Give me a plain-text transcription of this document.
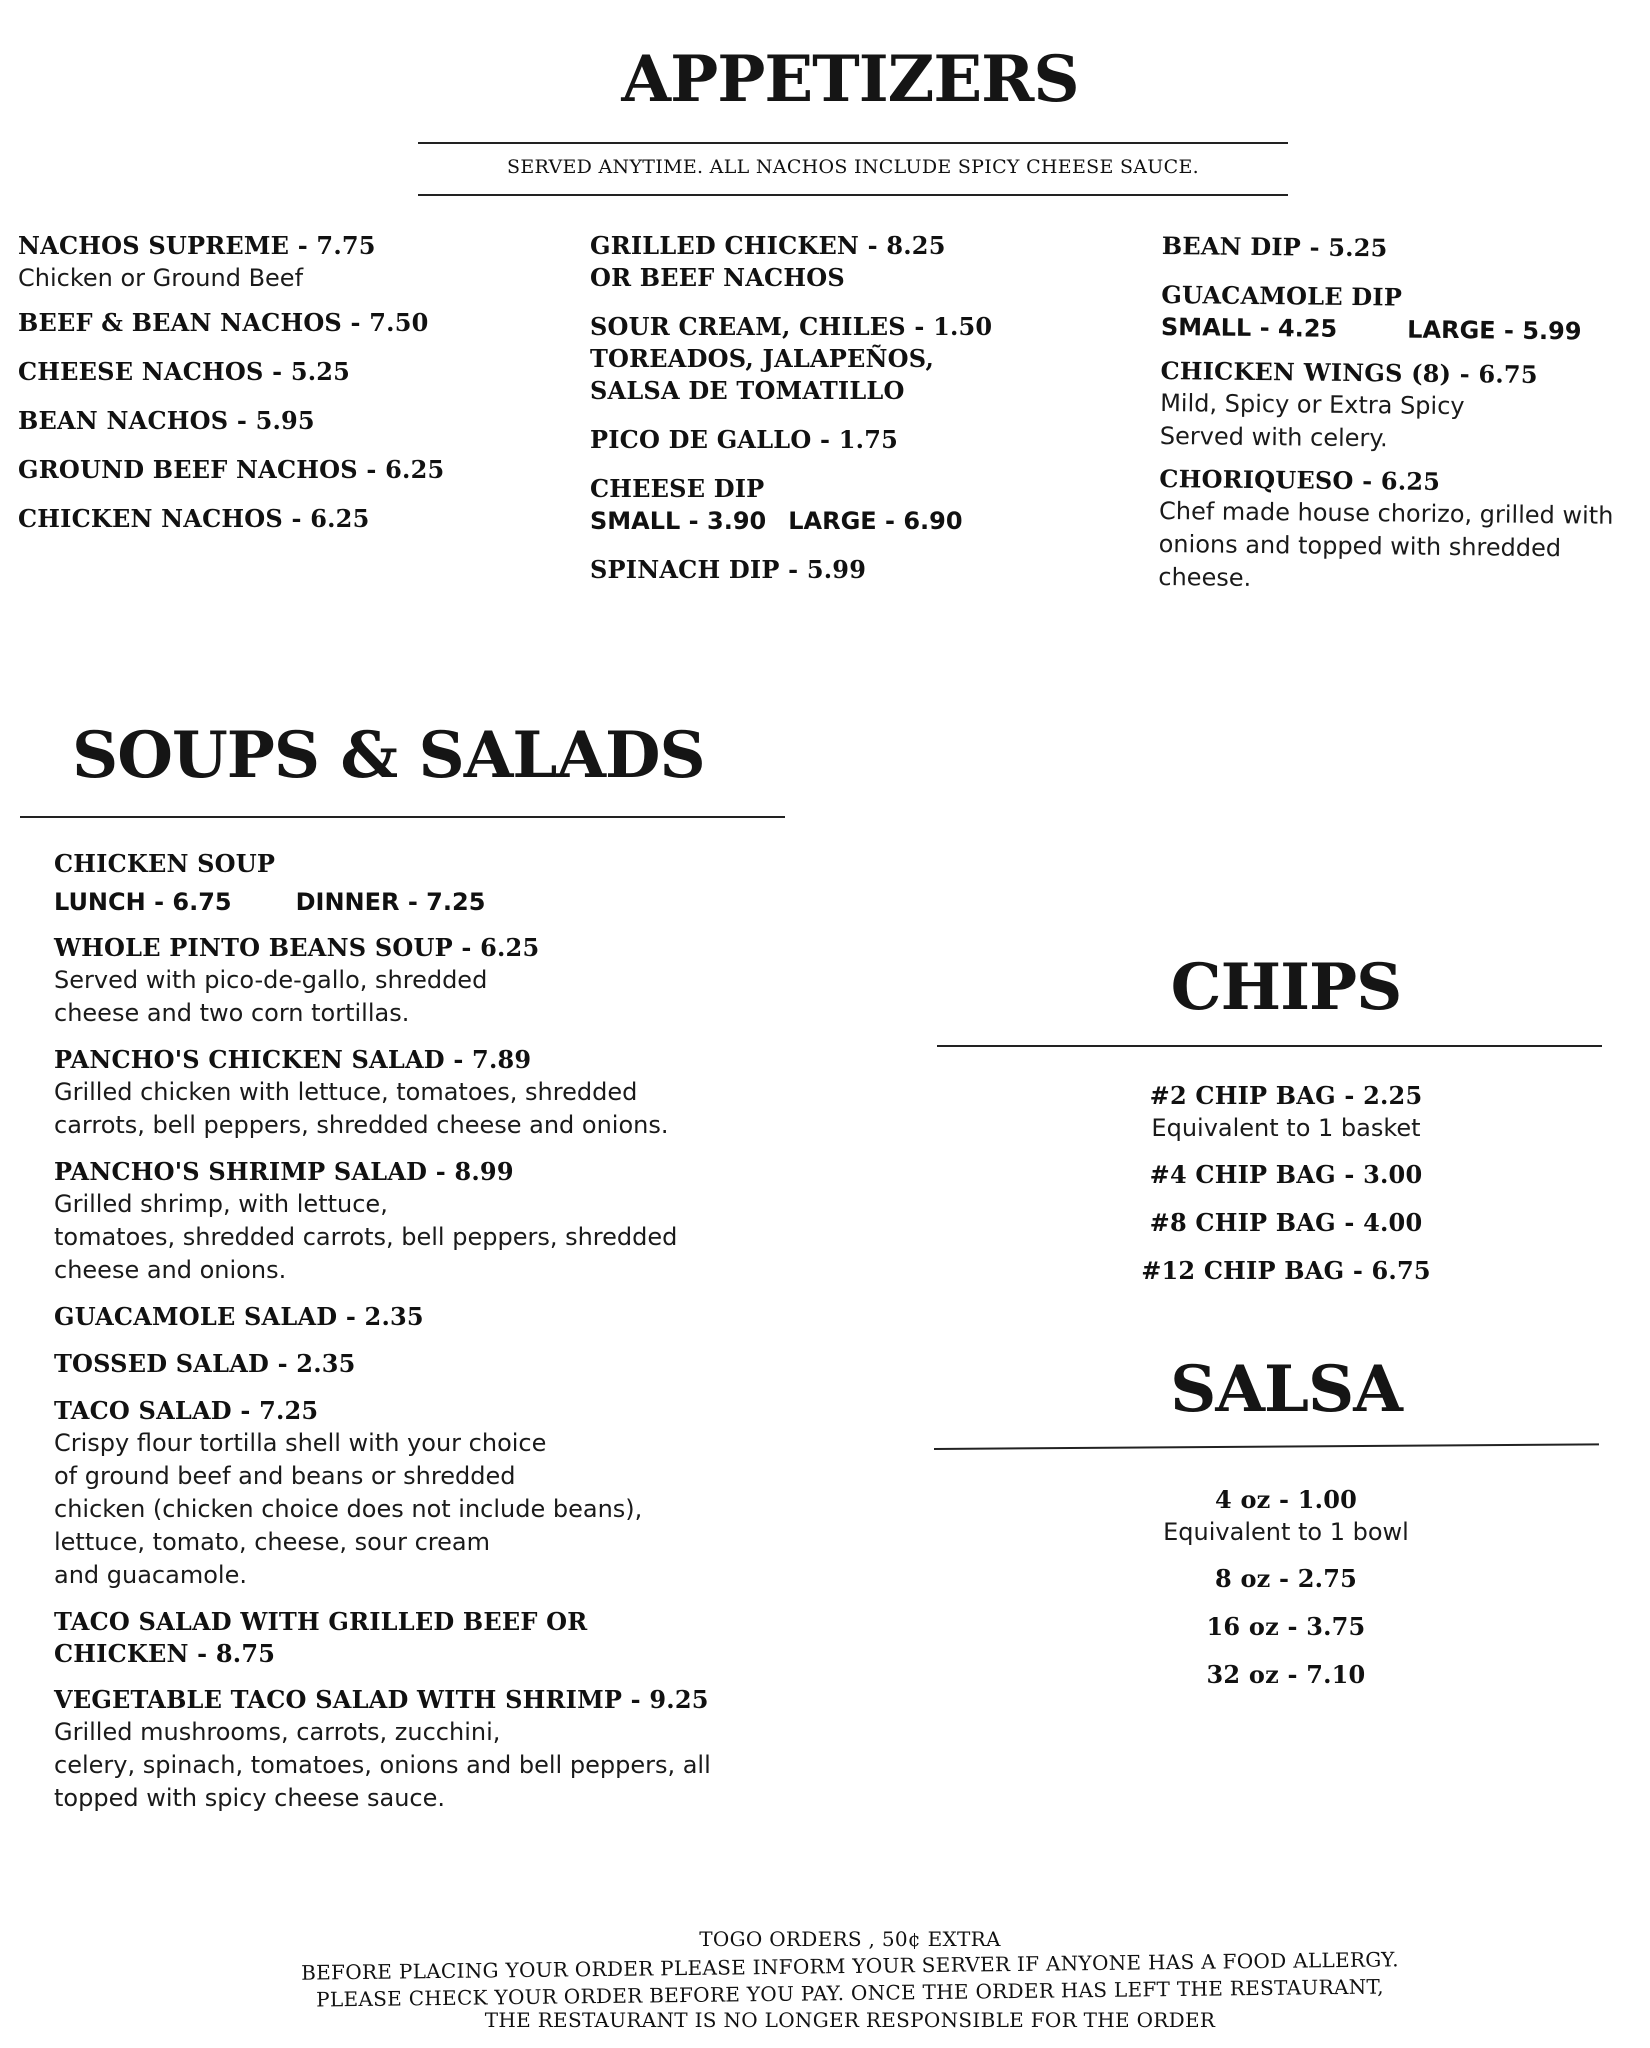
APPETIZERS
SERVED ANYTIME. ALL NACHOS INCLUDE SPICY CHEESE SAUCE.
NACHOS SUPREME - 7.75
Chicken or Ground Beef
BEEF & BEAN NACHOS - 7.50
CHEESE NACHOS - 5.25
BEAN NACHOS - 5.95
GROUND BEEF NACHOS - 6.25
CHICKEN NACHOS - 6.25
GRILLED CHICKEN - 8.25
OR BEEF NACHOS
SOUR CREAM, CHILES - 1.50
TOREADOS, JALAPEÑOS,
SALSA DE TOMATILLO
PICO DE GALLO - 1.75
CHEESE DIP
SMALL - 3.90 LARGE - 6.90
SPINACH DIP - 5.99
BEAN DIP - 5.25
GUACAMOLE DIP
SMALL - 4.25	LARGE - 5.99
CHICKEN WINGS (8) - 6.75
Mild, Spicy or Extra Spicy
Served with celery.
CHORIQUESO - 6.25
Chef made house chorizo, grilled with
onions and topped with shredded
cheese.
SOUPS & SALADS
CHICKEN SOUP
LUNCH - 6.75	DINNER - 7.25
WHOLE PINTO BEANS SOUP - 6.25
Served with pico-de-gallo, shredded
cheese and two corn tortillas.
PANCHO'S CHICKEN SALAD - 7.89
Grilled chicken with lettuce, tomatoes, shredded
carrots, bell peppers, shredded cheese and onions.
PANCHO'S SHRIMP SALAD - 8.99
Grilled shrimp, with lettuce,
tomatoes, shredded carrots, bell peppers, shredded
cheese and onions.
GUACAMOLE SALAD - 2.35
TOSSED SALAD - 2.35
TACO SALAD - 7.25
Crispy flour tortilla shell with your choice
of ground beef and beans or shredded
chicken (chicken choice does not include beans),
lettuce, tomato, cheese, sour cream
and guacamole.
TACO SALAD WITH GRILLED BEEF OR
CHICKEN - 8.75
VEGETABLE TACO SALAD WITH SHRIMP - 9.25
Grilled mushrooms, carrots, zucchini,
celery, spinach, tomatoes, onions and bell peppers, all
topped with spicy cheese sauce.
CHIPS
#2 CHIP BAG - 2.25
Equivalent to 1 basket
#4 CHIP BAG - 3.00
#8 CHIP BAG - 4.00
#12 CHIP BAG - 6.75
SALSA
4 oz - 1.00
Equivalent to 1 bowl
8 oz - 2.75
16 oz - 3.75
32 oz - 7.10
TOGO ORDERS , 50¢ EXTRA
BEFORE PLACING YOUR ORDER PLEASE INFORM YOUR SERVER IF ANYONE HAS A FOOD ALLERGY.
PLEASE CHECK YOUR ORDER BEFORE YOU PAY. ONCE THE ORDER HAS LEFT THE RESTAURANT,
THE RESTAURANT IS NO LONGER RESPONSIBLE FOR THE ORDER
